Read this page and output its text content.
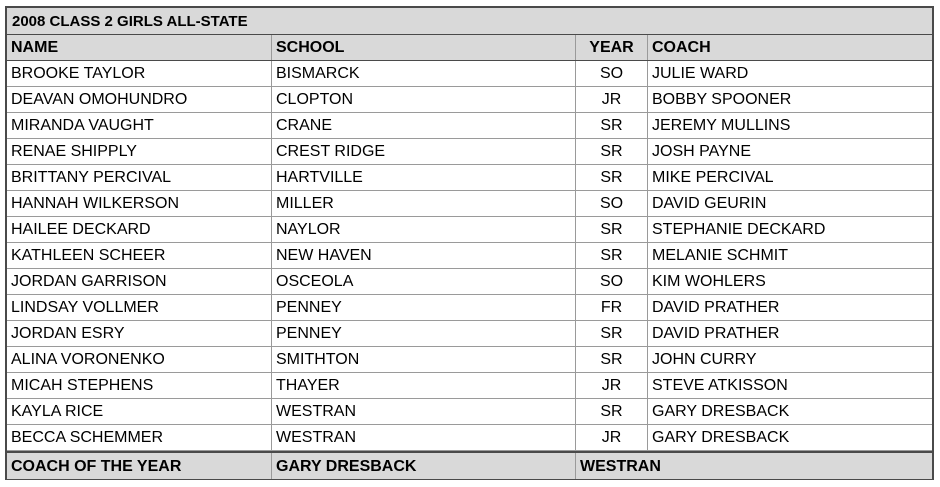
2008 CLASS 2 GIRLS ALL-STATE
NAME	SCHOOL	YEAR	COACH
BROOKE TAYLOR	BISMARCK	SO	JULIE WARD
DEAVAN OMOHUNDRO	CLOPTON	JR	BOBBY SPOONER
MIRANDA VAUGHT	CRANE	SR	JEREMY MULLINS
RENAE SHIPPLY	CREST RIDGE	SR	JOSH PAYNE
BRITTANY PERCIVAL	HARTVILLE	SR	MIKE PERCIVAL
HANNAH WILKERSON	MILLER	SO	DAVID GEURIN
HAILEE DECKARD	NAYLOR	SR	STEPHANIE DECKARD
KATHLEEN SCHEER	NEW HAVEN	SR	MELANIE SCHMIT
JORDAN GARRISON	OSCEOLA	SO	KIM WOHLERS
LINDSAY VOLLMER	PENNEY	FR	DAVID PRATHER
JORDAN ESRY	PENNEY	SR	DAVID PRATHER
ALINA VORONENKO	SMITHTON	SR	JOHN CURRY
MICAH STEPHENS	THAYER	JR	STEVE ATKISSON
KAYLA RICE	WESTRAN	SR	GARY DRESBACK
BECCA SCHEMMER	WESTRAN	JR	GARY DRESBACK
COACH OF THE YEAR	GARY DRESBACK	WESTRAN
